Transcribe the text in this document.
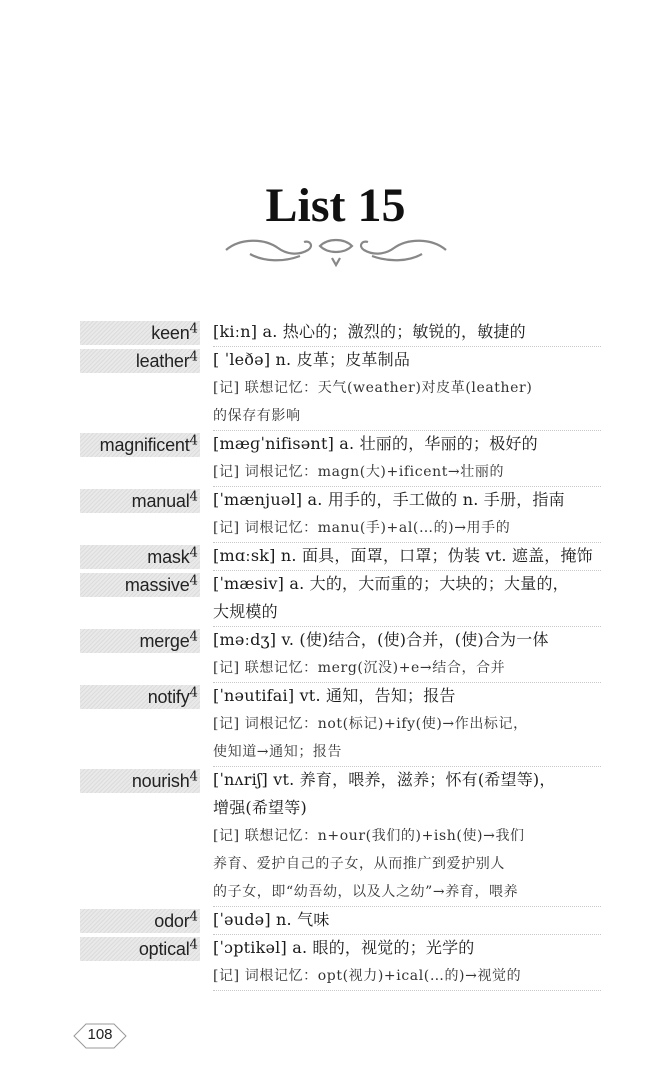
List 15
keen$^4$ [kiːn] a. 热心的；激烈的；敏锐的，敏捷的
leather$^4$ [ ˈleðə] n. 皮革；皮革制品
[记] 联想记忆：天气(weather)对皮革(leather)
的保存有影响
magnificent$^4$ [mæɡˈnifisənt] a. 壮丽的，华丽的；极好的
[记] 词根记忆：magn(大)+ificent→壮丽的
manual$^4$ [ˈmænjuəl] a. 用手的，手工做的 n. 手册，指南
[记] 词根记忆：manu(手)+al(…的)→用手的
mask$^4$ [mɑːsk] n. 面具，面罩，口罩；伪装 vt. 遮盖，掩饰
massive$^4$ [ˈmæsiv] a. 大的，大而重的；大块的；大量的，
大规模的
merge$^4$ [məːdʒ] v. (使)结合，(使)合并，(使)合为一体
[记] 联想记忆：merg(沉没)+e→结合，合并
notify$^4$ [ˈnəutifai] vt. 通知，告知；报告
[记] 词根记忆：not(标记)+ify(使)→作出标记，
使知道→通知；报告
nourish$^4$ [ˈnʌriʃ] vt. 养育，喂养，滋养；怀有(希望等)，
增强(希望等)
[记] 联想记忆：n+our(我们的)+ish(使)→我们
养育、爱护自己的子女，从而推广到爱护别人
的子女，即“幼吾幼，以及人之幼”→养育，喂养
odor$^4$ [ˈəudə] n. 气味
optical$^4$ [ˈɔptikəl] a. 眼的，视觉的；光学的
[记] 词根记忆：opt(视力)+ical(…的)→视觉的
108
